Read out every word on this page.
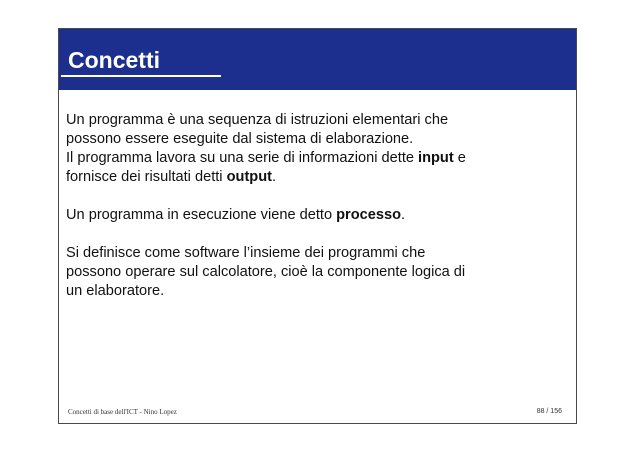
Concetti

Un programma è una sequenza di istruzioni elementari che
possono essere eseguite dal sistema di elaborazione.
Il programma lavora su una serie di informazioni dette input e
fornisce dei risultati detti output.

Un programma in esecuzione viene detto processo.

Si definisce come software l’insieme dei programmi che
possono operare sul calcolatore, cioè la componente logica di
un elaboratore.

Concetti di base dell'ICT - Nino Lopez	88 / 156
